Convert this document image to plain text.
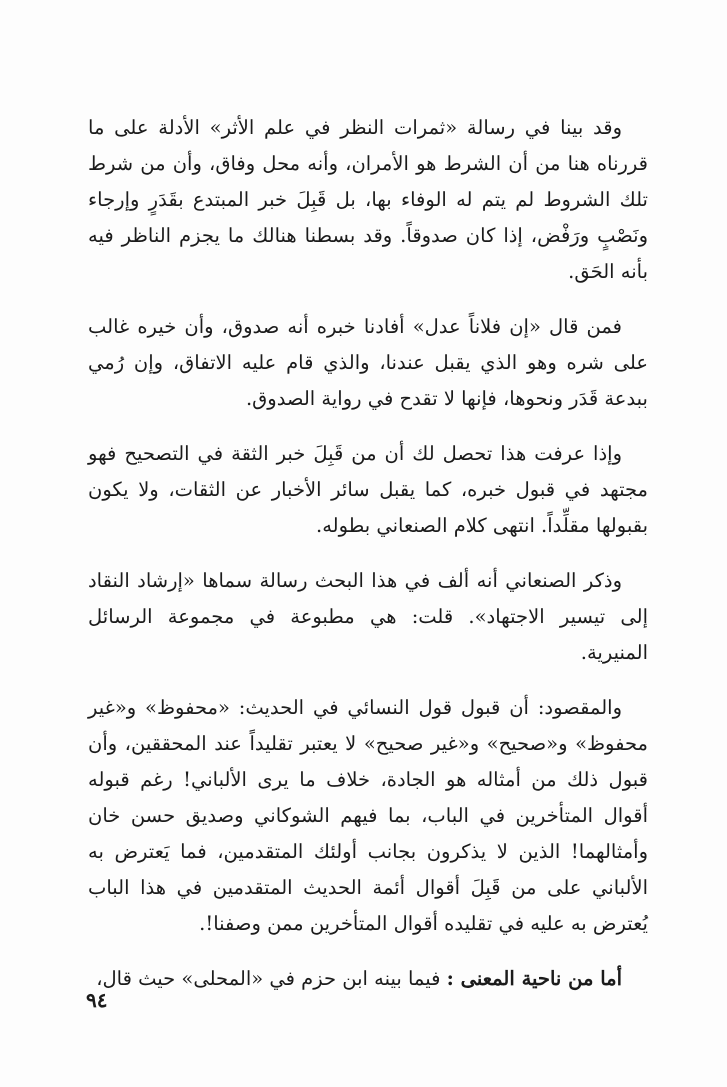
وقد بينا في رسالة «ثمرات النظر في علم الأثر» الأدلة على ما قررناه هنا من أن الشرط هو الأمران، وأنه محل وفاق، وأن من شرط تلك الشروط لم يتم له الوفاء بها، بل قَبِلَ خبر المبتدع بقَدَرٍ وإرجاء ونَصْبٍ ورَفْض، إذا كان صدوقاً. وقد بسطنا هنالك ما يجزم الناظر فيه بأنه الحَق.

فمن قال «إن فلاناً عدل» أفادنا خبره أنه صدوق، وأن خيره غالب على شره وهو الذي يقبل عندنا، والذي قام عليه الاتفاق، وإن رُمي ببدعة قَدَر ونحوها، فإنها لا تقدح في رواية الصدوق.

وإذا عرفت هذا تحصل لك أن من قَبِلَ خبر الثقة في التصحيح فهو مجتهد في قبول خبره، كما يقبل سائر الأخبار عن الثقات، ولا يكون بقبولها مقلِّداً. انتهى كلام الصنعاني بطوله.

وذكر الصنعاني أنه ألف في هذا البحث رسالة سماها «إرشاد النقاد إلى تيسير الاجتهاد». قلت: هي مطبوعة في مجموعة الرسائل المنيرية.

والمقصود: أن قبول قول النسائي في الحديث: «محفوظ» و«غير محفوظ» و«صحيح» و«غير صحيح» لا يعتبر تقليداً عند المحققين، وأن قبول ذلك من أمثاله هو الجادة، خلاف ما يرى الألباني! رغم قبوله أقوال المتأخرين في الباب، بما فيهم الشوكاني وصديق حسن خان وأمثالهما! الذين لا يذكرون بجانب أولئك المتقدمين، فما يَعترض به الألباني على من قَبِلَ أقوال أئمة الحديث المتقدمين في هذا الباب يُعترض به عليه في تقليده أقوال المتأخرين ممن وصفنا!.

أما من ناحية المعنى : فيما بينه ابن حزم في «المحلى» حيث قال،

٩٤
